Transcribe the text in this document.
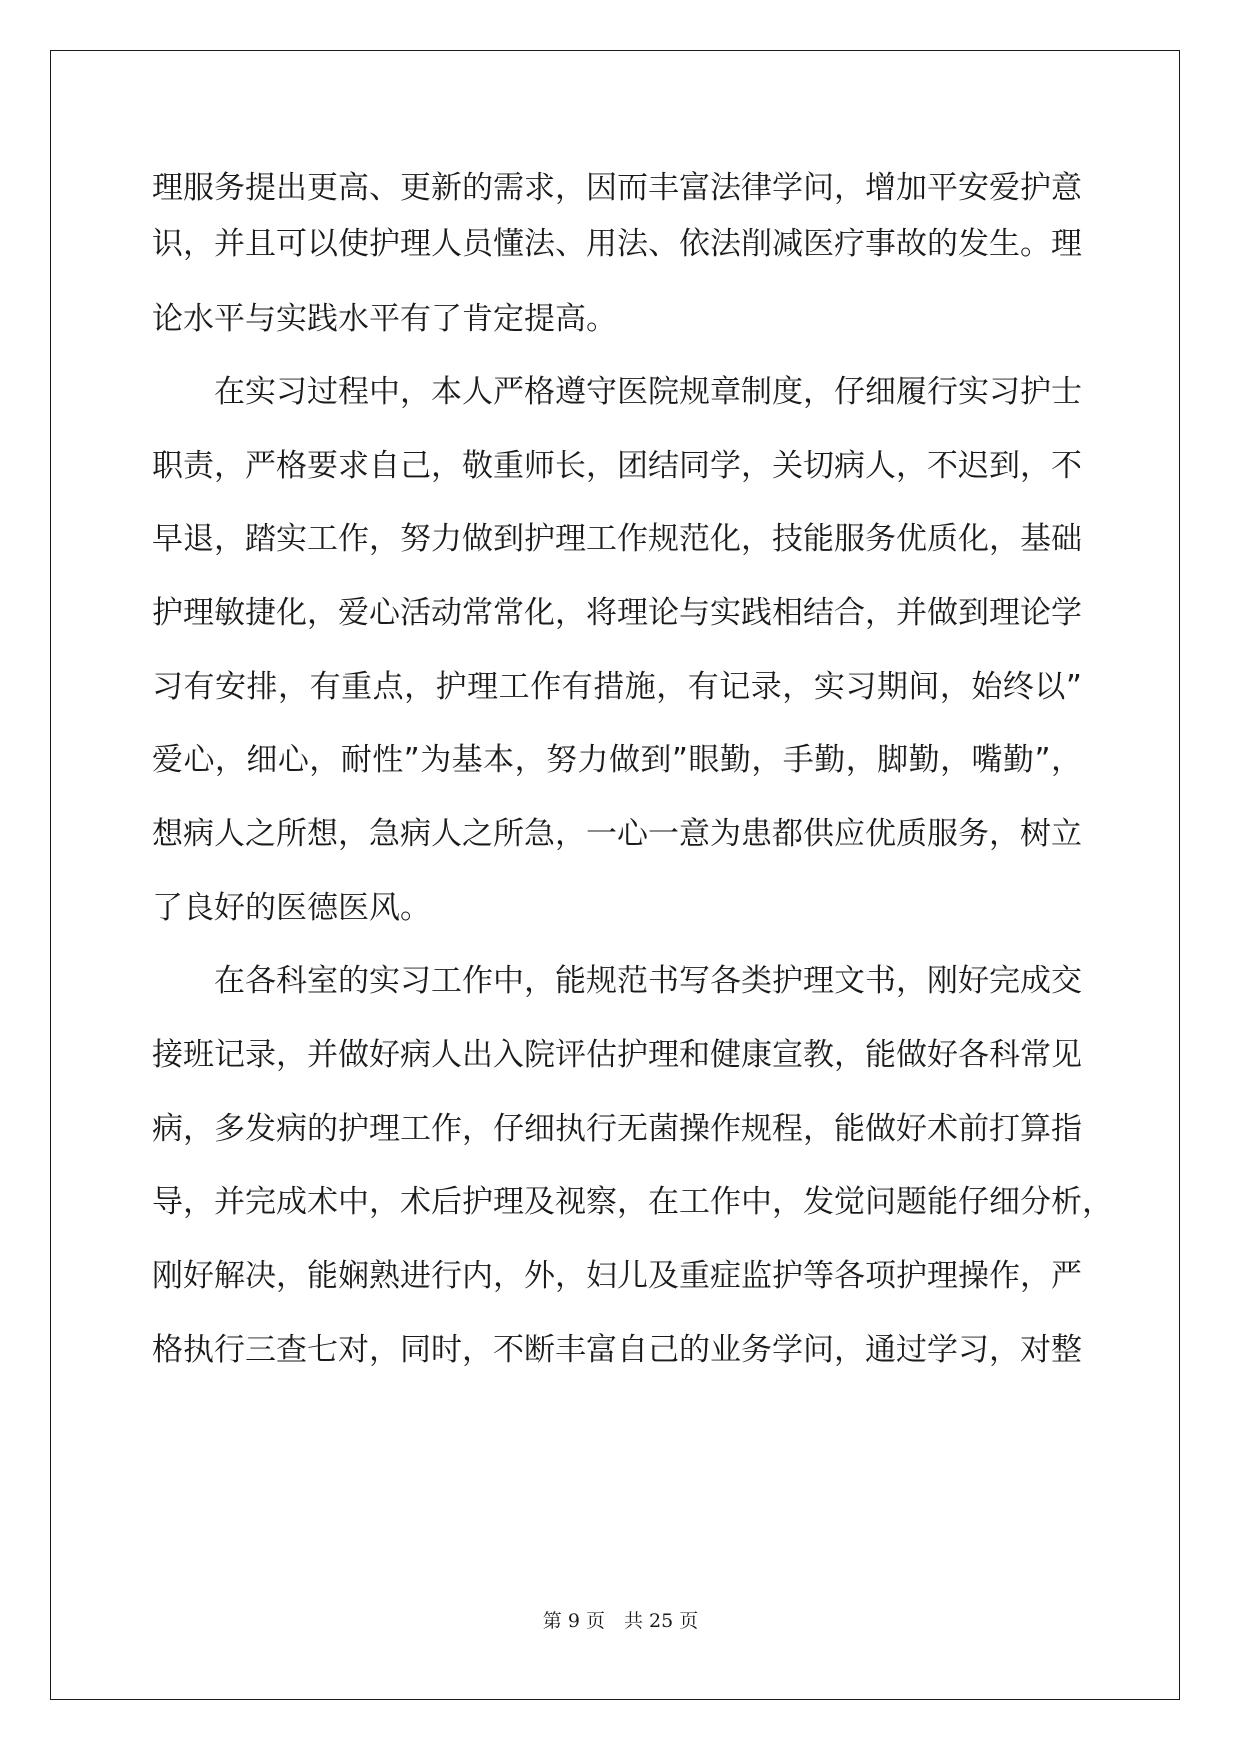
理服务提出更高、更新的需求，因而丰富法律学问，增加平安爱护意
识，并且可以使护理人员懂法、用法、依法削减医疗事故的发生。理
论水平与实践水平有了肯定提高。
在实习过程中，本人严格遵守医院规章制度，仔细履行实习护士
职责，严格要求自己，敬重师长，团结同学，关切病人，不迟到，不
早退，踏实工作，努力做到护理工作规范化，技能服务优质化，基础
护理敏捷化，爱心活动常常化，将理论与实践相结合，并做到理论学
习有安排，有重点，护理工作有措施，有记录，实习期间，始终以”
爱心，细心，耐性”为基本，努力做到”眼勤，手勤，脚勤，嘴勤”，
想病人之所想，急病人之所急，一心一意为患都供应优质服务，树立
了良好的医德医风。
在各科室的实习工作中，能规范书写各类护理文书，刚好完成交
接班记录，并做好病人出入院评估护理和健康宣教，能做好各科常见
病，多发病的护理工作，仔细执行无菌操作规程，能做好术前打算指
导，并完成术中，术后护理及视察，在工作中，发觉问题能仔细分析，
刚好解决，能娴熟进行内，外，妇儿及重症监护等各项护理操作，严
格执行三查七对，同时，不断丰富自己的业务学问，通过学习，对整
第 9 页　共 25 页
